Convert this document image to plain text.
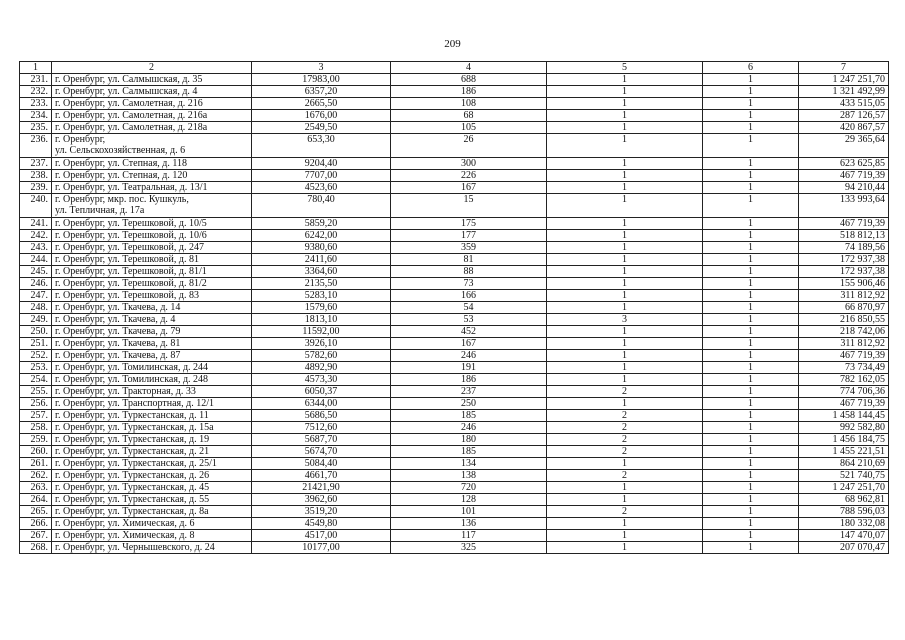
209
1	2	3	4	5	6	7
231.	г. Оренбург, ул. Салмышская, д. 35	17983,00	688	1	1	1 247 251,70
232.	г. Оренбург, ул. Салмышская, д. 4	6357,20	186	1	1	1 321 492,99
233.	г. Оренбург, ул. Самолетная, д. 216	2665,50	108	1	1	433 515,05
234.	г. Оренбург, ул. Самолетная, д. 216а	1676,00	68	1	1	287 126,57
235.	г. Оренбург, ул. Самолетная, д. 218а	2549,50	105	1	1	420 867,57
236.	г. Оренбург,
ул. Сельскохозяйственная, д. 6	653,30	26	1	1	29 365,64
237.	г. Оренбург, ул. Степная, д. 118	9204,40	300	1	1	623 625,85
238.	г. Оренбург, ул. Степная, д. 120	7707,00	226	1	1	467 719,39
239.	г. Оренбург, ул. Театральная, д. 13/1	4523,60	167	1	1	94 210,44
240.	г. Оренбург, мкр. пос. Кушкуль,
ул. Тепличная, д. 17а	780,40	15	1	1	133 993,64
241.	г. Оренбург, ул. Терешковой, д. 10/5	5859,20	175	1	1	467 719,39
242.	г. Оренбург, ул. Терешковой, д. 10/6	6242,00	177	1	1	518 812,13
243.	г. Оренбург, ул. Терешковой, д. 247	9380,60	359	1	1	74 189,56
244.	г. Оренбург, ул. Терешковой, д. 81	2411,60	81	1	1	172 937,38
245.	г. Оренбург, ул. Терешковой, д. 81/1	3364,60	88	1	1	172 937,38
246.	г. Оренбург, ул. Терешковой, д. 81/2	2135,50	73	1	1	155 906,46
247.	г. Оренбург, ул. Терешковой, д. 83	5283,10	166	1	1	311 812,92
248.	г. Оренбург, ул. Ткачева, д. 14	1579,60	54	1	1	66 870,97
249.	г. Оренбург, ул. Ткачева, д. 4	1813,10	53	3	1	216 850,55
250.	г. Оренбург, ул. Ткачева, д. 79	11592,00	452	1	1	218 742,06
251.	г. Оренбург, ул. Ткачева, д. 81	3926,10	167	1	1	311 812,92
252.	г. Оренбург, ул. Ткачева, д. 87	5782,60	246	1	1	467 719,39
253.	г. Оренбург, ул. Томилинская, д. 244	4892,90	191	1	1	73 734,49
254.	г. Оренбург, ул. Томилинская, д. 248	4573,30	186	1	1	782 162,05
255.	г. Оренбург, ул. Тракторная, д. 33	6050,37	237	2	1	774 706,36
256.	г. Оренбург, ул. Транспортная, д. 12/1	6344,00	250	1	1	467 719,39
257.	г. Оренбург, ул. Туркестанская, д. 11	5686,50	185	2	1	1 458 144,45
258.	г. Оренбург, ул. Туркестанская, д. 15а	7512,60	246	2	1	992 582,80
259.	г. Оренбург, ул. Туркестанская, д. 19	5687,70	180	2	1	1 456 184,75
260.	г. Оренбург, ул. Туркестанская, д. 21	5674,70	185	2	1	1 455 221,51
261.	г. Оренбург, ул. Туркестанская, д. 25/1	5084,40	134	1	1	864 210,69
262.	г. Оренбург, ул. Туркестанская, д. 26	4661,70	138	2	1	521 740,75
263.	г. Оренбург, ул. Туркестанская, д. 45	21421,90	720	1	1	1 247 251,70
264.	г. Оренбург, ул. Туркестанская, д. 55	3962,60	128	1	1	68 962,81
265.	г. Оренбург, ул. Туркестанская, д. 8а	3519,20	101	2	1	788 596,03
266.	г. Оренбург, ул. Химическая, д. 6	4549,80	136	1	1	180 332,08
267.	г. Оренбург, ул. Химическая, д. 8	4517,00	117	1	1	147 470,07
268.	г. Оренбург, ул. Чернышевского, д. 24	10177,00	325	1	1	207 070,47
